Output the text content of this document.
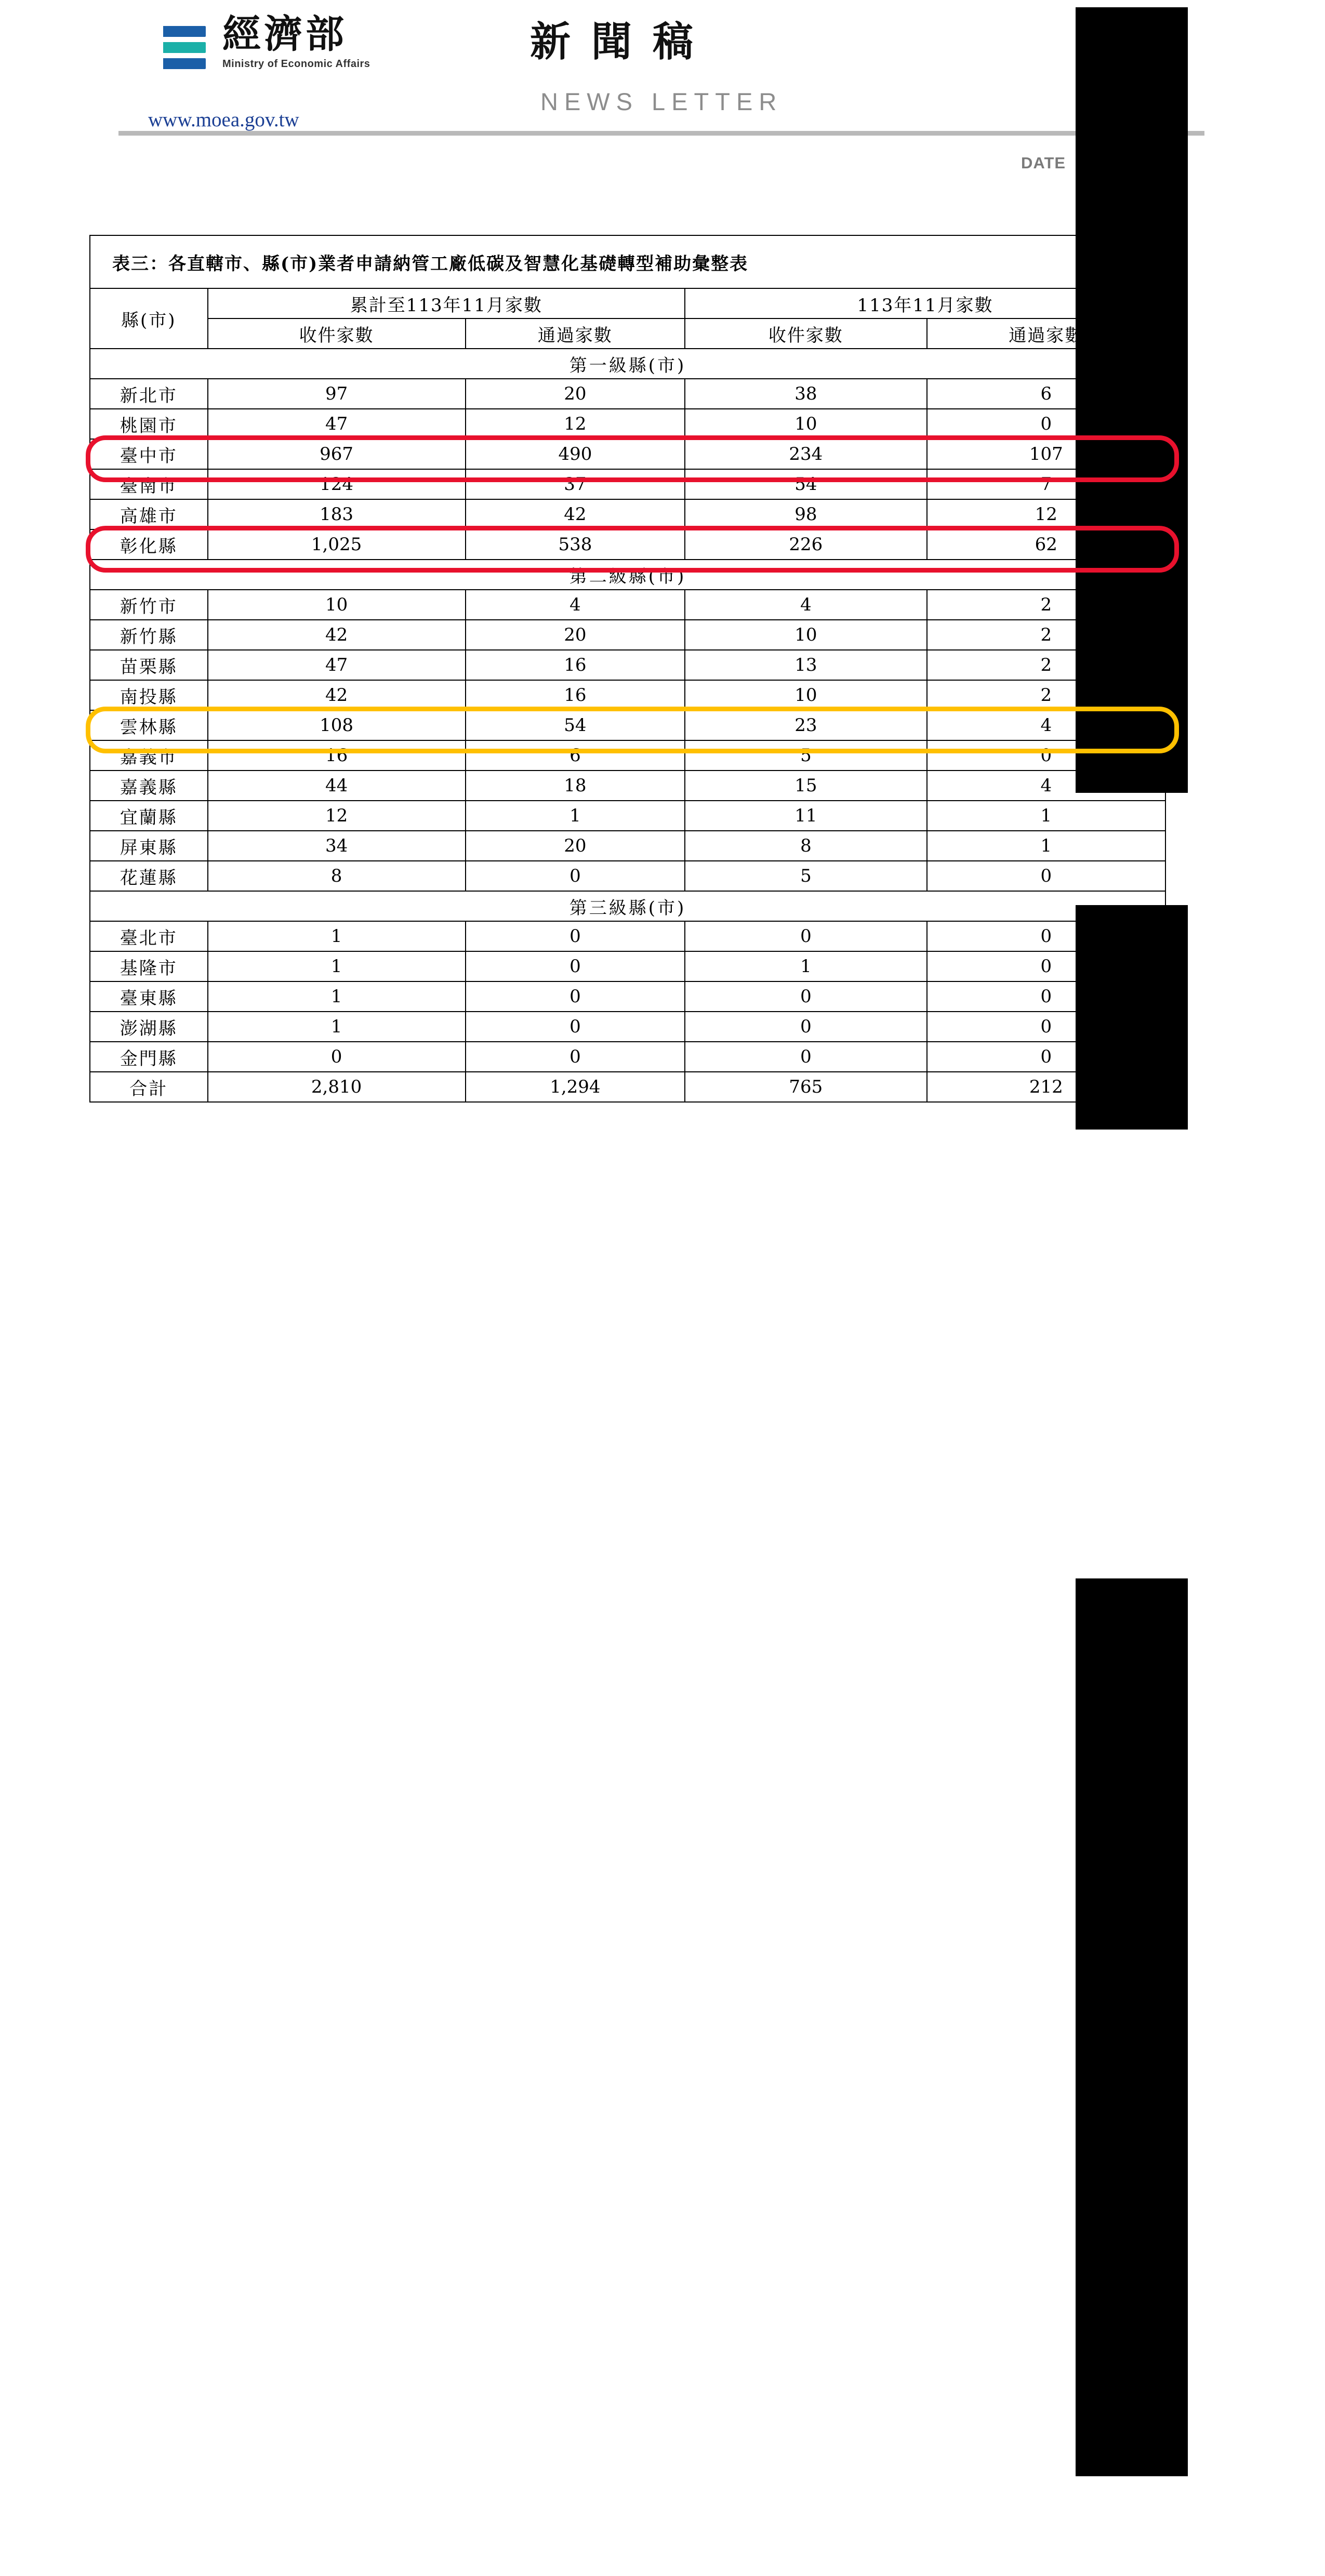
經濟部
Ministry of Economic Affairs	新聞稿
NEWS LETTER
www.moea.gov.tw
DATE
表三：各直轄市、縣(市)業者申請納管工廠低碳及智慧化基礎轉型補助彙整表				
縣(市)	累計至113年11月家數		113年11月家數	
	收件家數	通過家數	收件家數	通過家數
第一級縣(市)				
新北市	97	20	38	6
桃園市	47	12	10	0
臺中市	967	490	234	107
臺南市	124	37	54	7
高雄市	183	42	98	12
彰化縣	1,025	538	226	62
第二級縣(市)				
新竹市	10	4	4	2
新竹縣	42	20	10	2
苗栗縣	47	16	13	2
南投縣	42	16	10	2
雲林縣	108	54	23	4
嘉義市	16	6	5	0
嘉義縣	44	18	15	4
宜蘭縣	12	1	11	1
屏東縣	34	20	8	1
花蓮縣	8	0	5	0
第三級縣(市)				
臺北市	1	0	0	0
基隆市	1	0	1	0
臺東縣	1	0	0	0
澎湖縣	1	0	0	0
金門縣	0	0	0	0
合計	2,810	1,294	765	212
